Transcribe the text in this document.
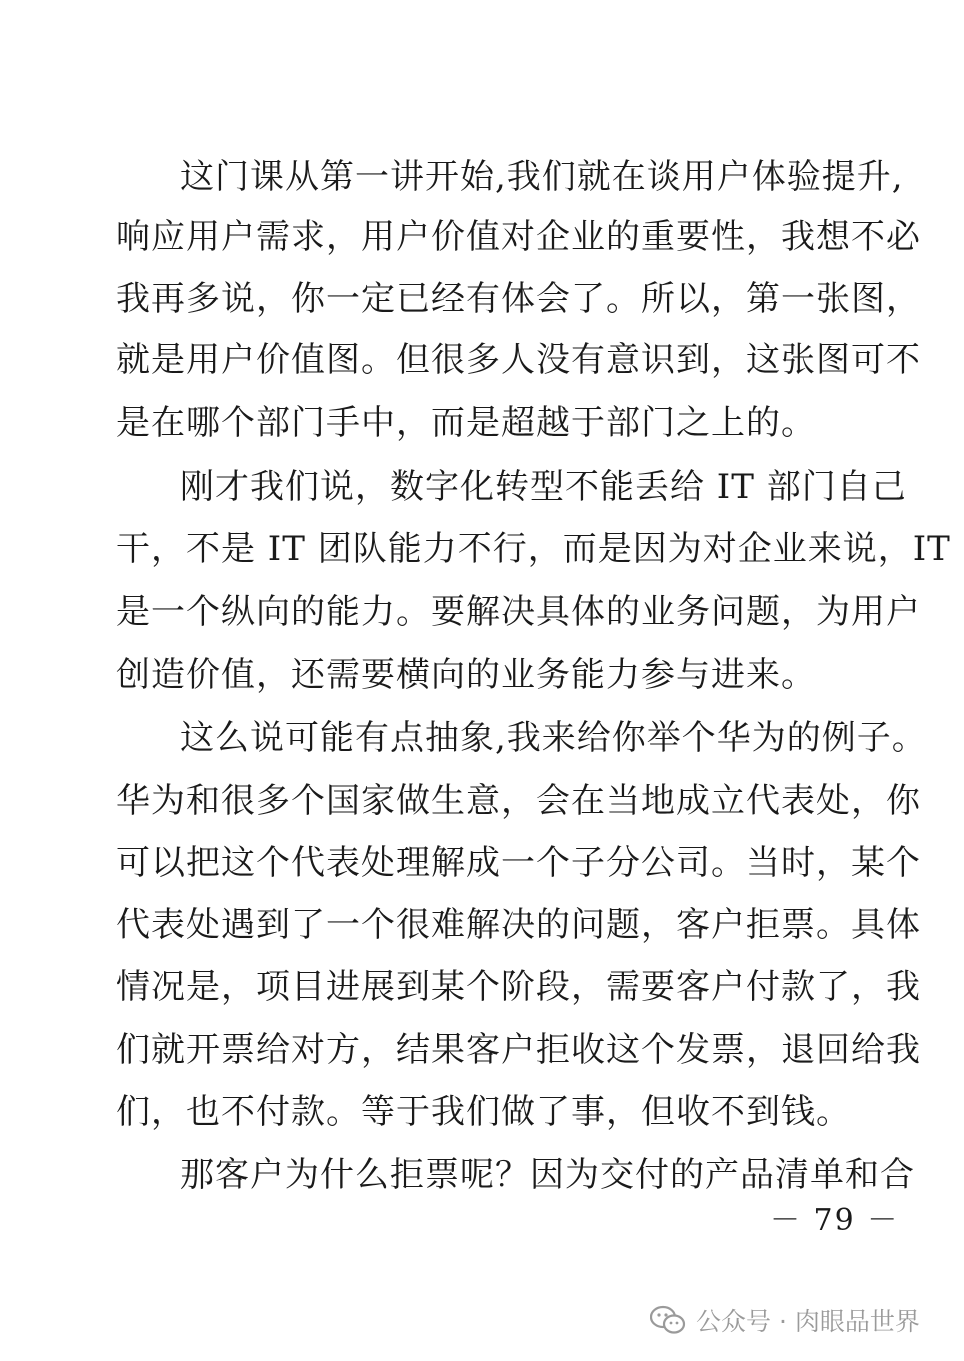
这门课从第一讲开始,我们就在谈用户体验提升,
响应用户需求，用户价值对企业的重要性，我想不必
我再多说，你一定已经有体会了。所以，第一张图，
就是用户价值图。但很多人没有意识到，这张图可不
是在哪个部门手中，而是超越于部门之上的。
刚才我们说，数字化转型不能丢给 IT 部门自己
干，不是 IT 团队能力不行，而是因为对企业来说，IT
是一个纵向的能力。要解决具体的业务问题，为用户
创造价值，还需要横向的业务能力参与进来。
这么说可能有点抽象,我来给你举个华为的例子。
华为和很多个国家做生意，会在当地成立代表处，你
可以把这个代表处理解成一个子分公司。当时，某个
代表处遇到了一个很难解决的问题，客户拒票。具体
情况是，项目进展到某个阶段，需要客户付款了，我
们就开票给对方，结果客户拒收这个发票，退回给我
们，也不付款。等于我们做了事，但收不到钱。
那客户为什么拒票呢？因为交付的产品清单和合
－ 79 －
公众号 · 肉眼品世界
